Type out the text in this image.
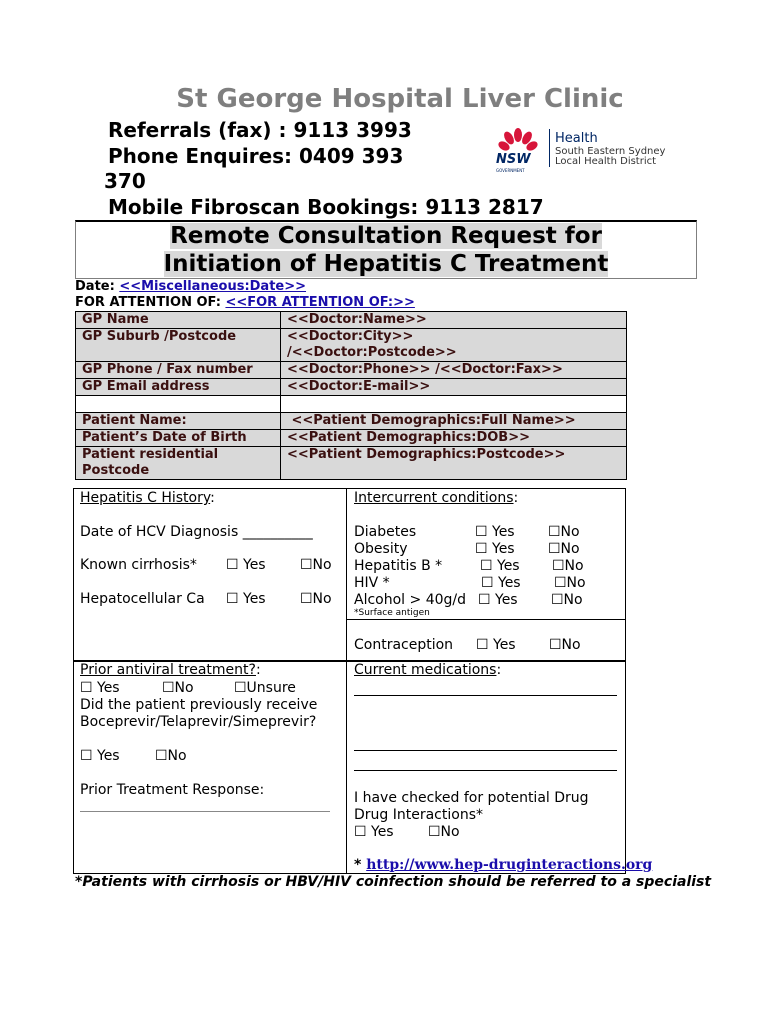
St George Hospital Liver Clinic
Referrals (fax) : 9113 3993
Phone Enquires: 0409 393
370
Mobile Fibroscan Bookings: 9113 2817
NSW
GOVERNMENT
Health
South Eastern Sydney
Local Health District
Remote Consultation Request for
Initiation of Hepatitis C Treatment
Date: <<Miscellaneous:Date>>
FOR ATTENTION OF: <<FOR ATTENTION OF:>>
GP Name	<<Doctor:Name>>
GP Suburb /Postcode	<<Doctor:City>>
/<<Doctor:Postcode>>

GP Phone / Fax number	<<Doctor:Phone>> /<<Doctor:Fax>>
GP Email address	<<Doctor:E-mail>>

Patient Name:	<<Patient Demographics:Full Name>>
Patient’s Date of Birth	<<Patient Demographics:DOB>>

Patient residential
Postcode	<<Patient Demographics:Postcode>>
Hepatitis C History:
Date of HCV Diagnosis __________
Known cirrhosis* ☐ Yes ☐No
Hepatocellular Ca ☐ Yes ☐No
Intercurrent conditions:
Diabetes	☐ Yes ☐No
Obesity	☐ Yes ☐No
Hepatitis B *	☐ Yes ☐No
HIV *	☐ Yes ☐No
Alcohol > 40g/d ☐ Yes ☐No
*Surface antigen
Contraception ☐ Yes ☐No
Prior antiviral treatment?:
☐ Yes	☐No	☐Unsure
Did the patient previously receive
Boceprevir/Telaprevir/Simeprevir?
☐ Yes	☐No
Prior Treatment Response:
Current medications:
I have checked for potential Drug
Drug Interactions*
☐ Yes ☐No
* http://www.hep-druginteractions.org
*Patients with cirrhosis or HBV/HIV coinfection should be referred to a specialist
